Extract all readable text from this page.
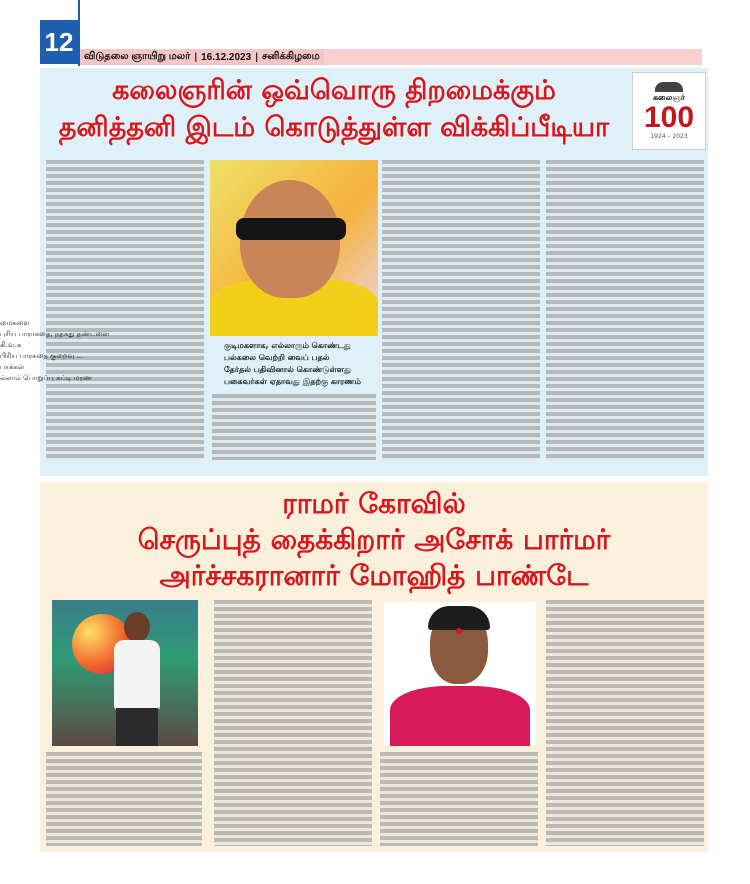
12	விடுதலை ஞாயிறு மலர் | 16.12.2023 | சனிக்கிழமை
கலைஞரின் ஒவ்வொரு திறமைக்கும்
தனித்தனி இடம் கொடுத்துள்ள விக்கிப்பீடியா
கலைஞர்
100
1924 – 2023
குடிமகளாக, எல்லாரும் கொண்டது
பல்கலை வெற்றி வைப் பதல்
தேர்தல் பதிவினால் கொண்டுள்ளது
பகைவர்கள் ஏதாவது இதற்கு காரணம்
மைகளை
புரிய பாராசுதை, நதகது தண்டனை
கி.வ.க
பிரிய பாரசுதை குறைவு ...
பாக்கள்
ல்லாம் பொறுப்பு கட்டி மரண
ராமர் கோவில்
செருப்புத் தைக்கிறார் அசோக் பார்மர்
அர்ச்சகரானார் மோஹித் பாண்டே
